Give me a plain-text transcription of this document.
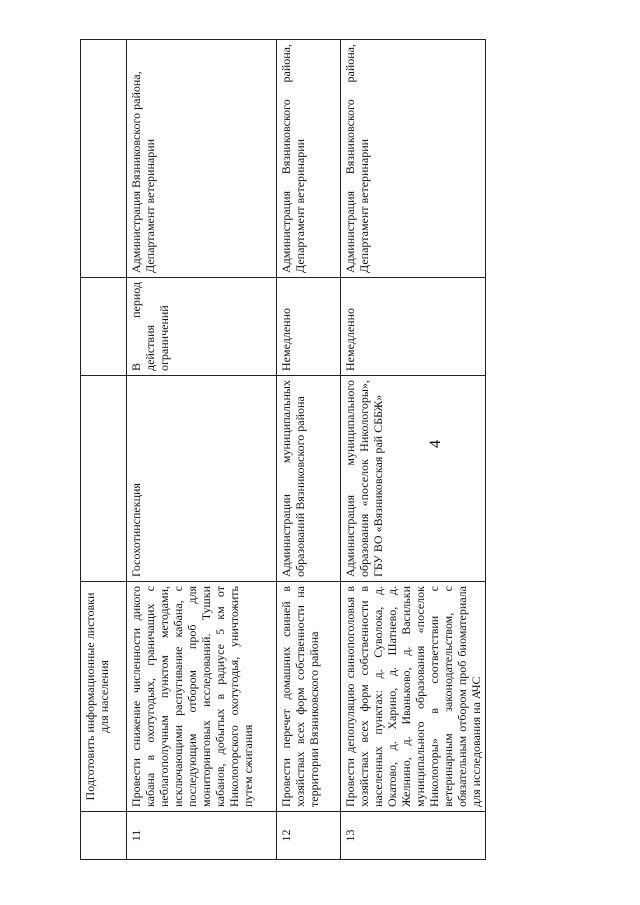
4
	Подготовить информационные листовки для населения			
11	Провести снижение численности дикого кабана в охотугодьях, граничащих с неблагополучным пунктом методами, исключающими распугивание кабана, с последующим отбором проб для мониторинговых исследований. Тушки кабанов, добытых в радиусе 5 км от Никологорского охотугодья, уничтожить путем сжигания	Госохотинспекция	В период действия ограничений	Администрация Вязниковского района, Департамент ветеринарии
12	Провести перечет домашних свиней в хозяйствах всех форм собственности на территории Вязниковского района	Администрации муниципальных образований Вязниковского района	Немедленно	Администрация Вязниковского района, Департамент ветеринарии
13	Провести депопуляцию свинопоголовья в хозяйствах всех форм собственности в населенных пунктах: д. Суволока, д. Окатово, д. Харино, д. Шатнево, д. Желнино, д. Иваньково, д. Васильки муниципального образования «поселок Никологоры» в соответствии с ветеринарным законодательством, с обязательным отбором проб биоматериала для исследования на АЧС	Администрация муниципального образования «поселок Никологоры», ГБУ ВО «Вязниковская рай СББЖ»	Немедленно	Администрация Вязниковского района, Департамент ветеринарии
